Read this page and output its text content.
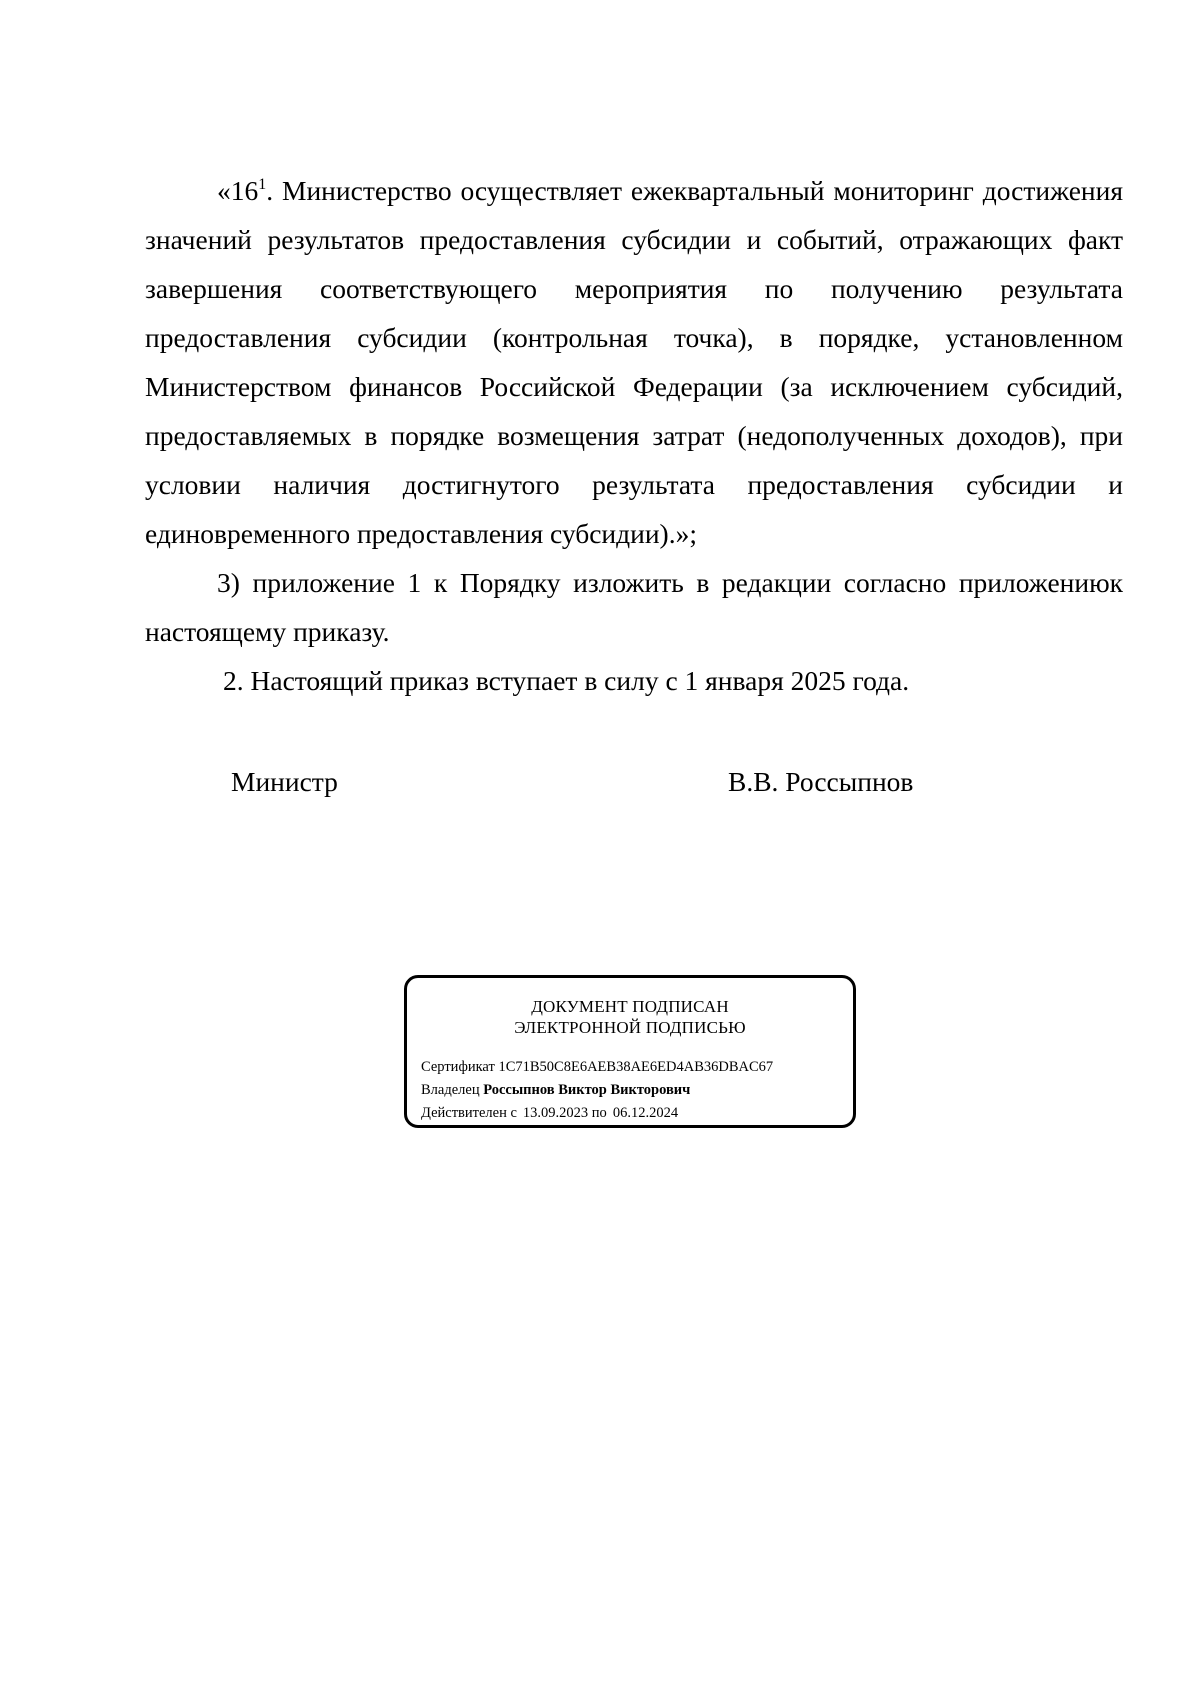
«$16^1$. Министерство осуществляет ежеквартальный мониторинг достижения значений результатов предоставления субсидии и событий, отражающих факт завершения соответствующего мероприятия по получению результата предоставления субсидии (контрольная точка), в порядке, установленном Министерством финансов Российской Федерации (за исключением субсидий, предоставляемых в порядке возмещения затрат (недополученных доходов), при условии наличия достигнутого результата предоставления субсидии и единовременного предоставления субсидии).»;

3) приложение 1 к Порядку изложить в редакции согласно приложениюк настоящему приказу.

2. Настоящий приказ вступает в силу с 1 января 2025 года.

Министр	В.В. Россыпнов
ДОКУМЕНТ ПОДПИСАН
ЭЛЕКТРОННОЙ ПОДПИСЬЮ
Сертификат 1C71B50C8E6AEB38AE6ED4AB36DBAC67
Владелец Россыпнов Виктор Викторович
Действителен с 13.09.2023 по 06.12.2024
